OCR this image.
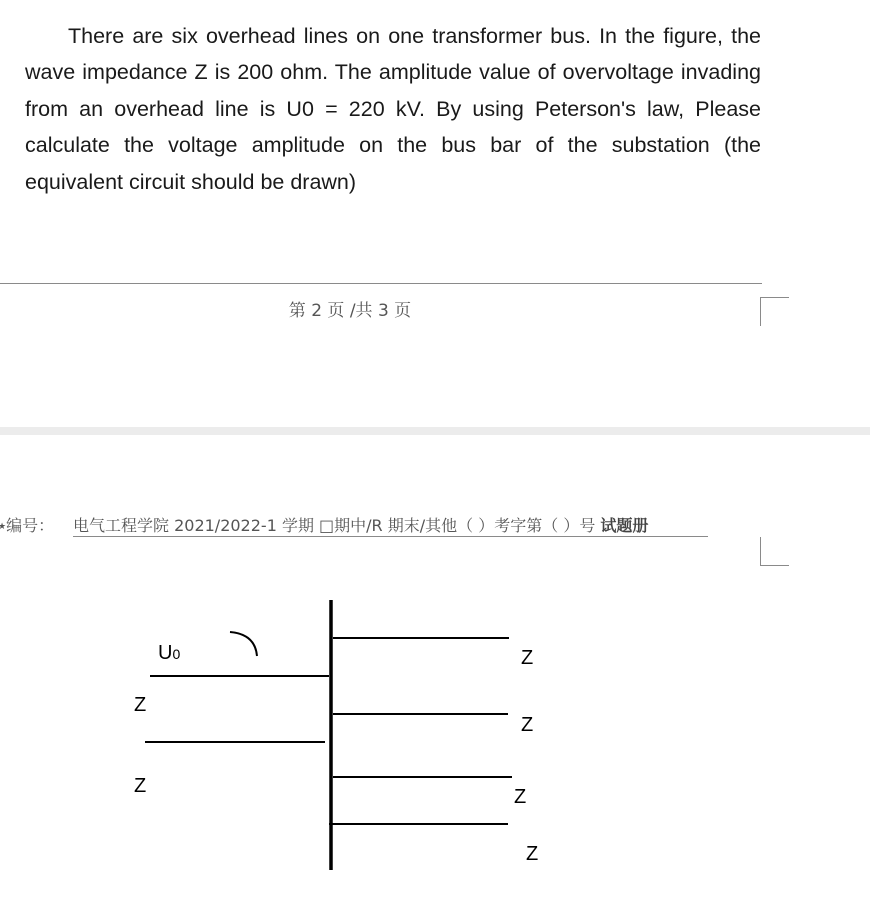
There are six overhead lines on one transformer bus. In the figure, the wave impedance Z is 200 ohm. The amplitude value of overvoltage invading from an overhead line is U0 = 220 kV. By using Peterson's law, Please calculate the voltage amplitude on the bus bar of the substation (the equivalent circuit should be drawn)

第 2 页 /共 3 页
★ 编号： 电气工程学院 2021/2022-1 学期 □期中/R 期末/其他（ ）考字第（ ）号 试题册
U0
Z
Z
Z
Z
Z
Z
